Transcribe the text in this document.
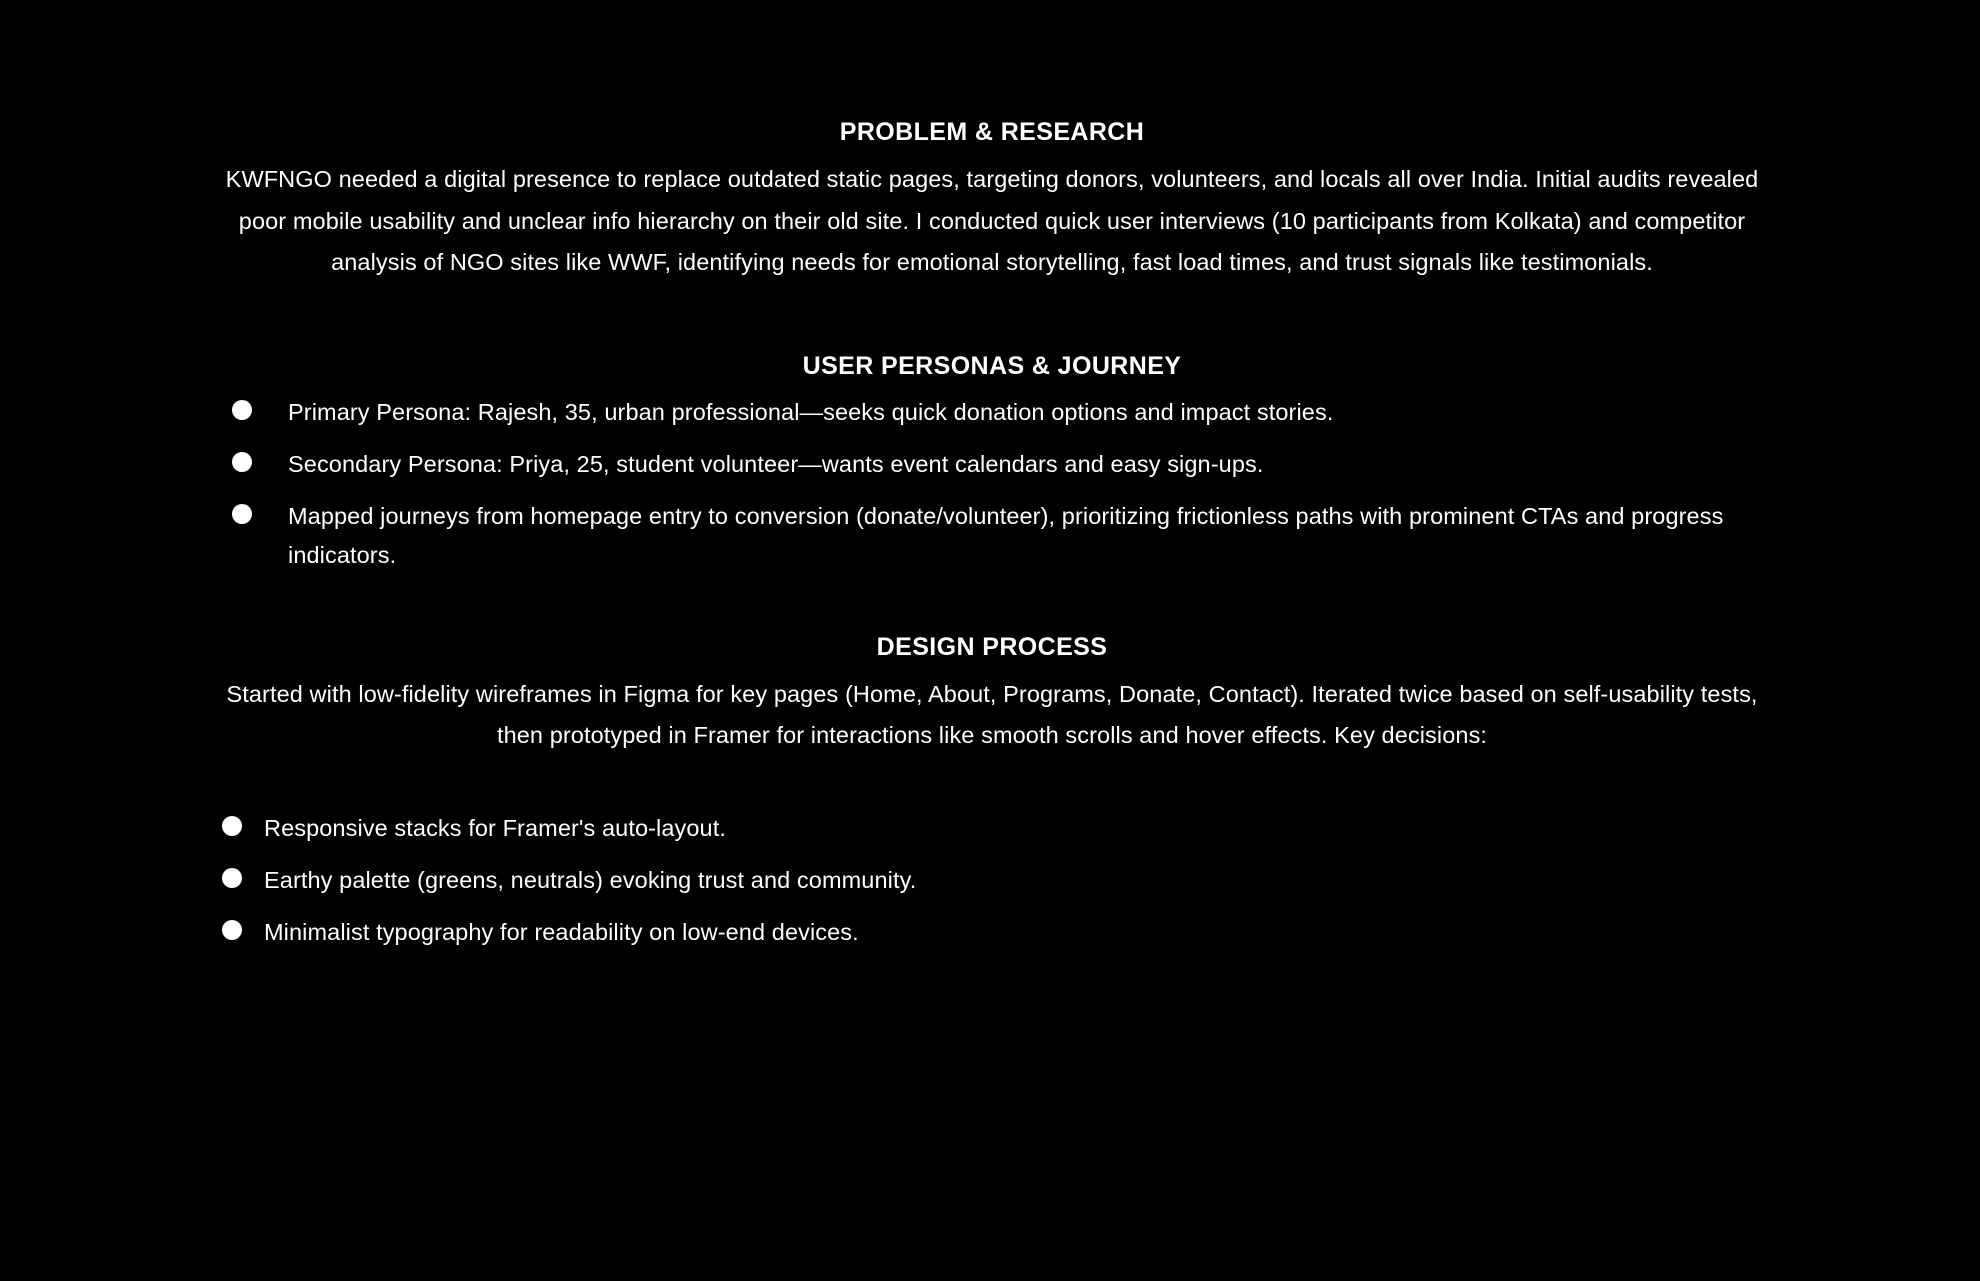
PROBLEM & RESEARCH

KWFNGO needed a digital presence to replace outdated static pages, targeting donors, volunteers, and locals all over India. Initial audits revealed poor mobile usability and unclear info hierarchy on their old site. I conducted quick user interviews (10 participants from Kolkata) and competitor analysis of NGO sites like WWF, identifying needs for emotional storytelling, fast load times, and trust signals like testimonials.

USER PERSONAS & JOURNEY
Primary Persona: Rajesh, 35, urban professional—seeks quick donation options and impact stories.
Secondary Persona: Priya, 25, student volunteer—wants event calendars and easy sign-ups.
Mapped journeys from homepage entry to conversion (donate/volunteer), prioritizing frictionless paths with prominent CTAs and progress indicators.
DESIGN PROCESS

Started with low-fidelity wireframes in Figma for key pages (Home, About, Programs, Donate, Contact). Iterated twice based on self-usability tests, then prototyped in Framer for interactions like smooth scrolls and hover effects. Key decisions:

Responsive stacks for Framer's auto-layout.
Earthy palette (greens, neutrals) evoking trust and community.
Minimalist typography for readability on low-end devices.
